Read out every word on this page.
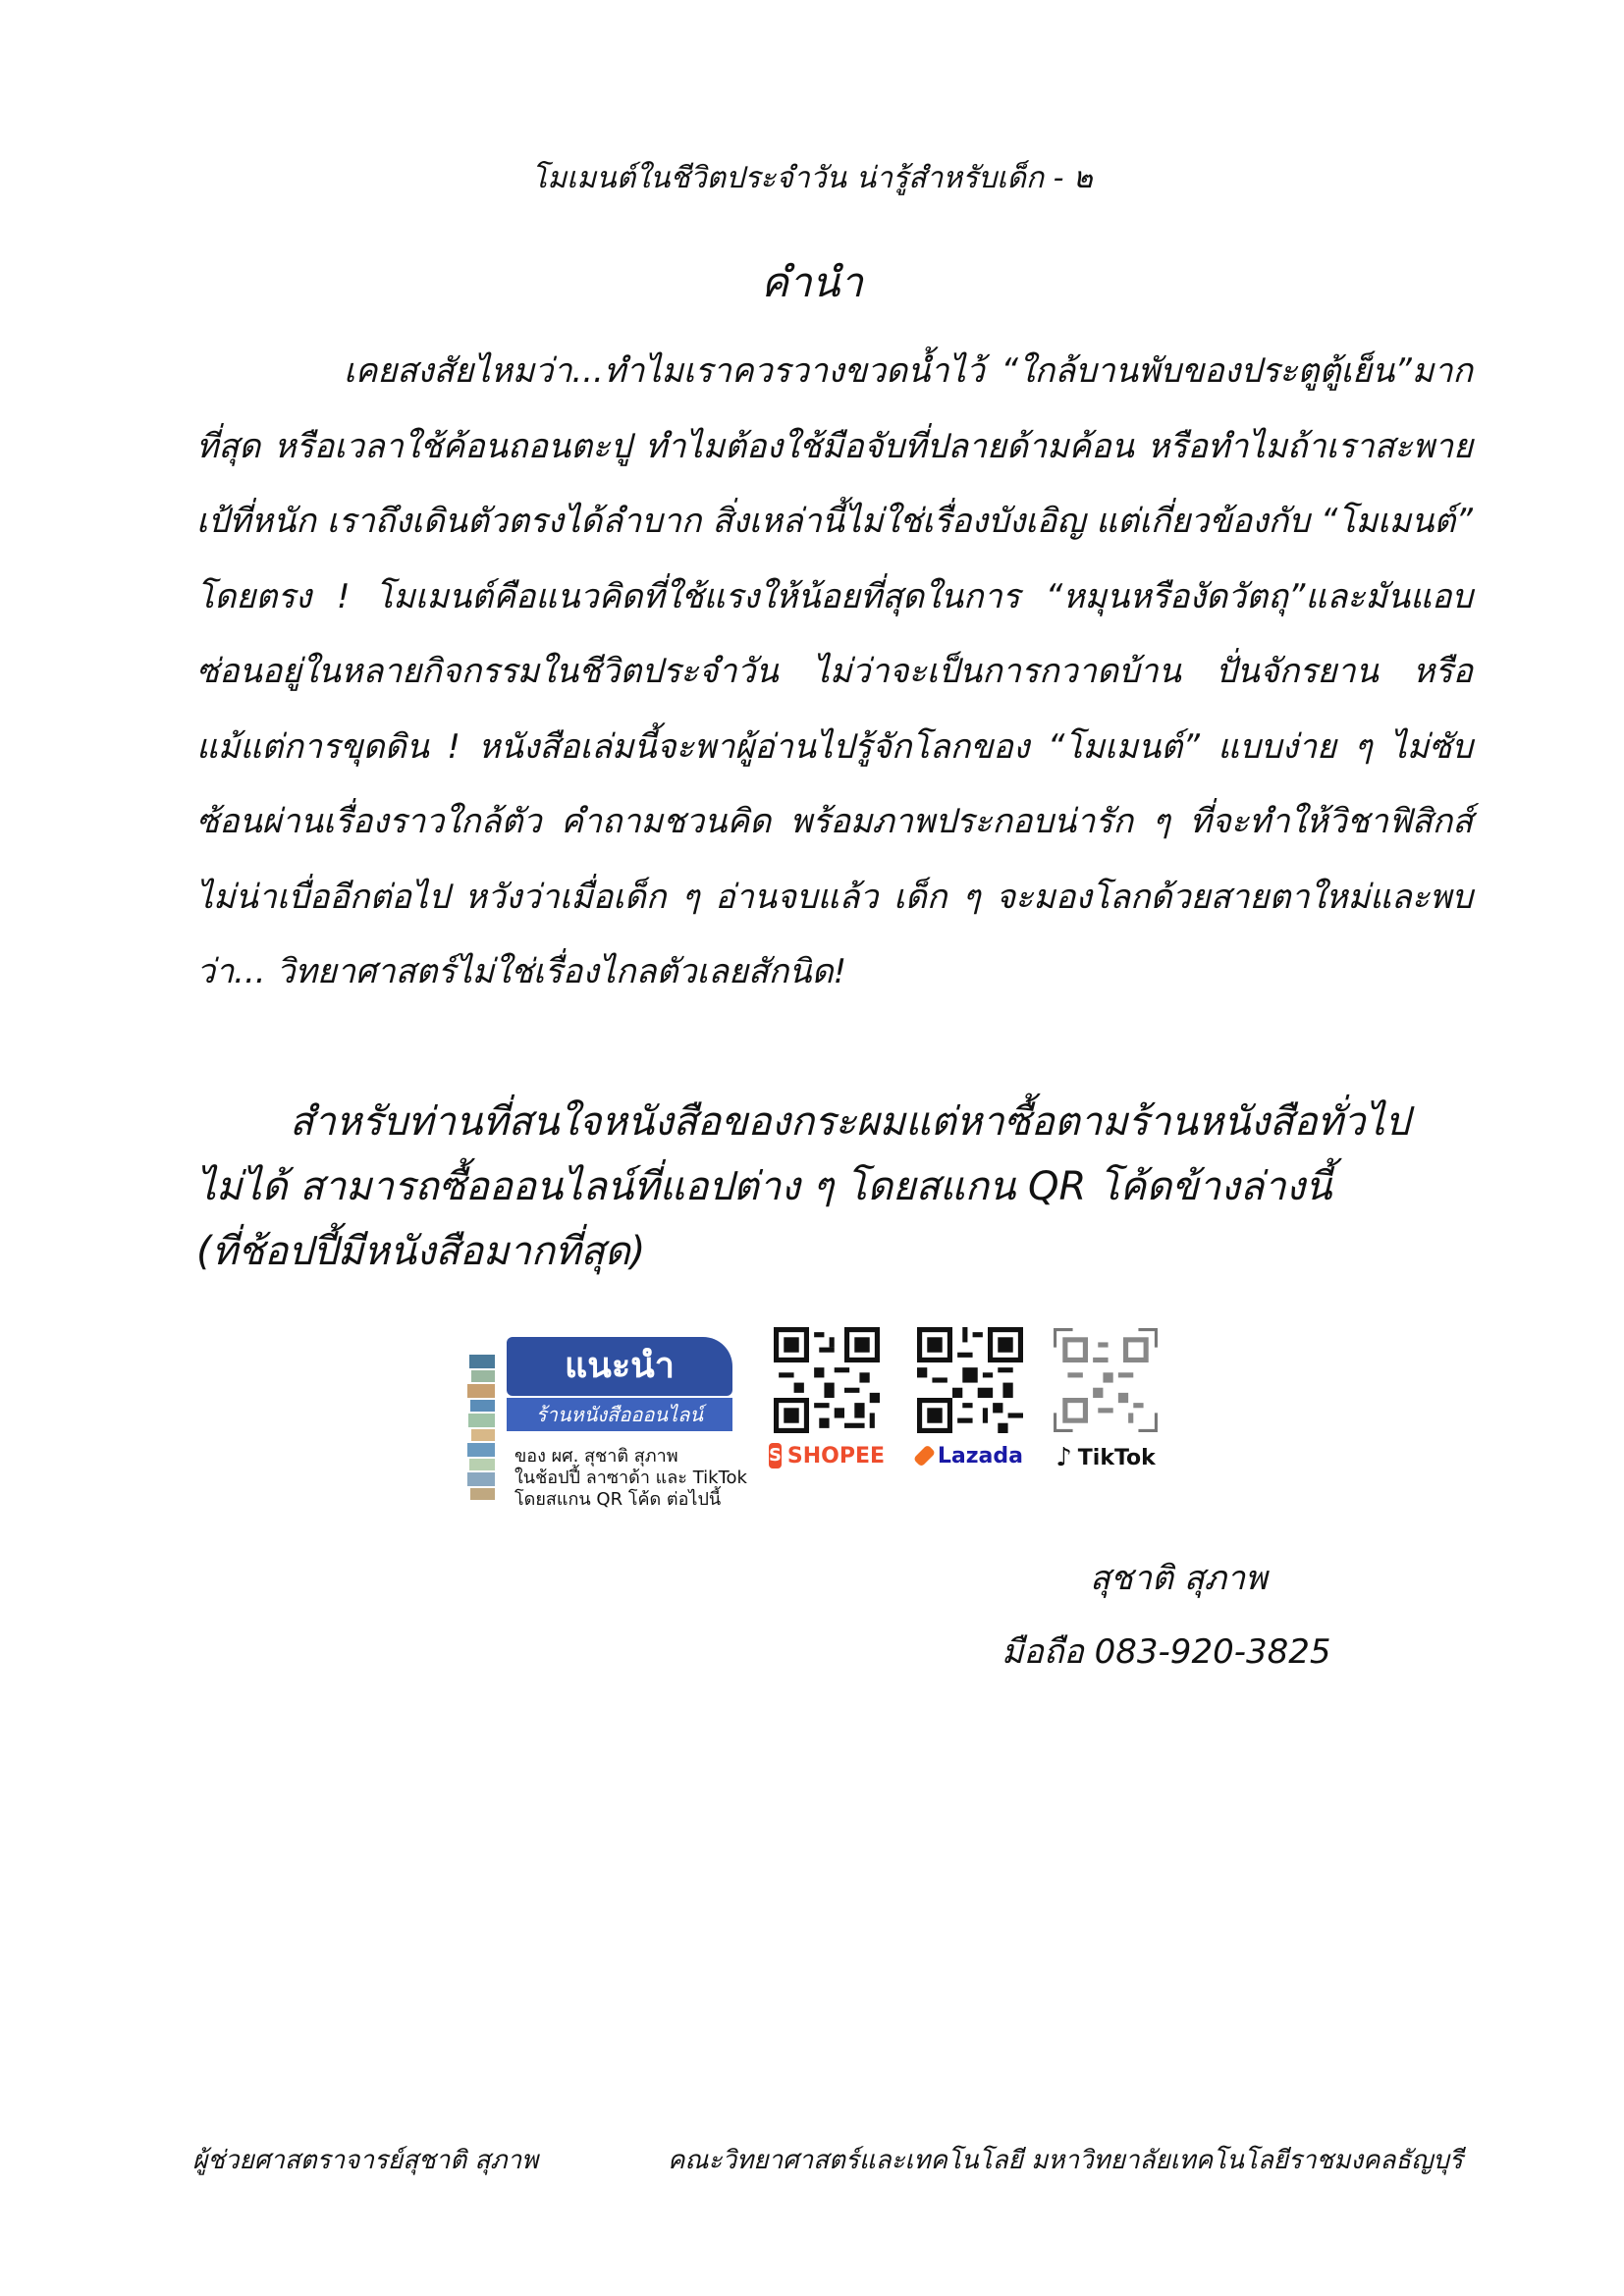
โมเมนต์ในชีวิตประจำวัน น่ารู้สำหรับเด็ก - ๒
คำนำ

เคยสงสัยไหมว่า...ทำไมเราควรวางขวดน้ำไว้ “ใกล้บานพับของประตูตู้เย็น”มากที่สุด หรือเวลาใช้ค้อนถอนตะปู ทำไมต้องใช้มือจับที่ปลายด้ามค้อน หรือทำไมถ้าเราสะพายเป้ที่หนัก เราถึงเดินตัวตรงได้ลำบาก สิ่งเหล่านี้ไม่ใช่เรื่องบังเอิญ แต่เกี่ยวข้องกับ “โมเมนต์” โดยตรง ! โมเมนต์คือแนวคิดที่ใช้แรงให้น้อยที่สุดในการ “หมุนหรืองัดวัตถุ”และมันแอบซ่อนอยู่ในหลายกิจกรรมในชีวิตประจำวัน ไม่ว่าจะเป็นการกวาดบ้าน ปั่นจักรยาน หรือแม้แต่การขุดดิน ! หนังสือเล่มนี้จะพาผู้อ่านไปรู้จักโลกของ “โมเมนต์” แบบง่าย ๆ ไม่ซับซ้อนผ่านเรื่องราวใกล้ตัว คำถามชวนคิด พร้อมภาพประกอบน่ารัก ๆ ที่จะทำให้วิชาฟิสิกส์ไม่น่าเบื่ออีกต่อไป หวังว่าเมื่อเด็ก ๆ อ่านจบแล้ว เด็ก ๆ จะมองโลกด้วยสายตาใหม่และพบว่า... วิทยาศาสตร์ไม่ใช่เรื่องไกลตัวเลยสักนิด!

สำหรับท่านที่สนใจหนังสือของกระผมแต่หาซื้อตามร้านหนังสือทั่วไป
ไม่ได้ สามารถซื้อออนไลน์ที่แอปต่าง ๆ โดยสแกน QR โค้ดข้างล่างนี้
(ที่ช้อปปี้มีหนังสือมากที่สุด)

แนะนำ
ร้านหนังสือออนไลน์
ของ ผศ. สุชาติ สุภาพ
ในช้อปปี้ ลาซาด้า และ TikTok
โดยสแกน QR โค้ด ต่อไปนี้
S SHOPEE Lazada ♪ TikTok
สุชาติ สุภาพ
มือถือ 083-920-3825
ผู้ช่วยศาสตราจารย์สุชาติ สุภาพ	คณะวิทยาศาสตร์และเทคโนโลยี มหาวิทยาลัยเทคโนโลยีราชมงคลธัญบุรี
